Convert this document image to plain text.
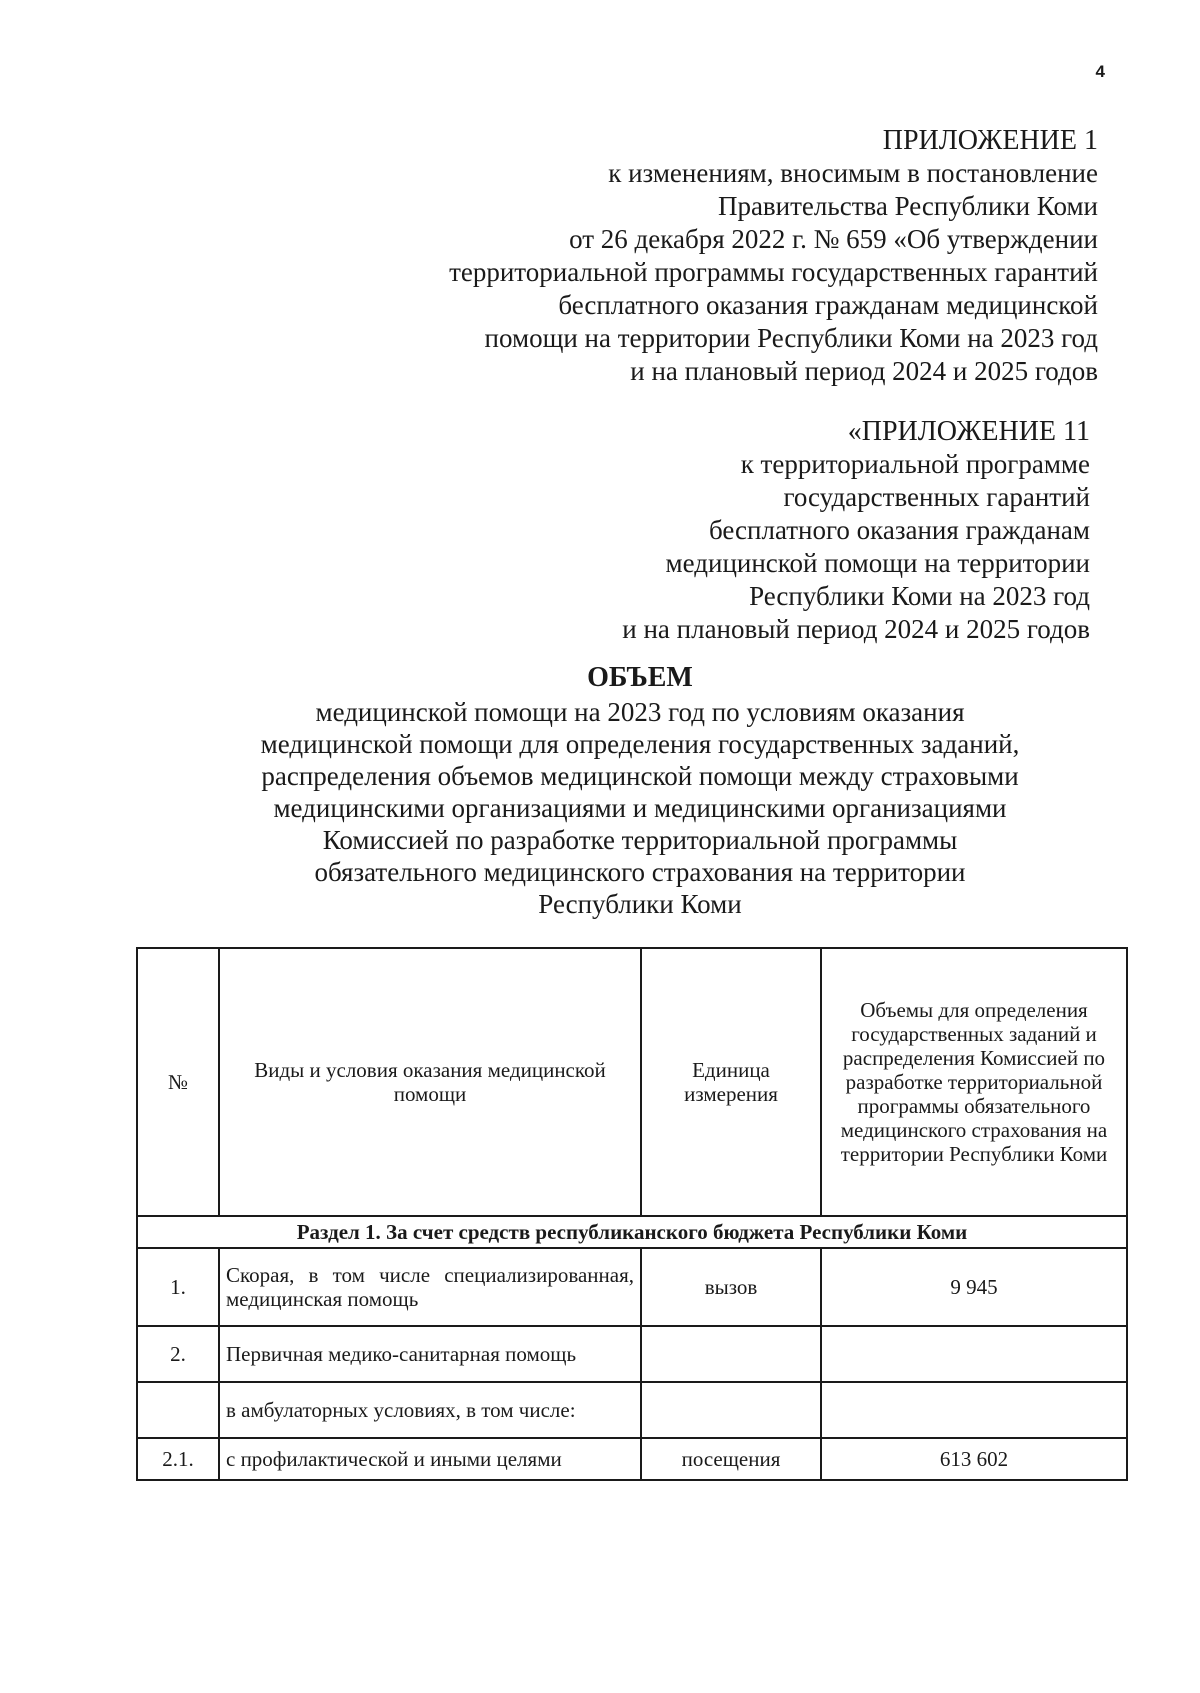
4
ПРИЛОЖЕНИЕ 1
к изменениям, вносимым в постановление
Правительства Республики Коми
от 26 декабря 2022 г. № 659 «Об утверждении
территориальной программы государственных гарантий
бесплатного оказания гражданам медицинской
помощи на территории Республики Коми на 2023 год
и на плановый период 2024 и 2025 годов
«ПРИЛОЖЕНИЕ 11
к территориальной программе
государственных гарантий
бесплатного оказания гражданам
медицинской помощи на территории
Республики Коми на 2023 год
и на плановый период 2024 и 2025 годов
ОБЪЕМ
медицинской помощи на 2023 год по условиям оказания
медицинской помощи для определения государственных заданий,
распределения объемов медицинской помощи между страховыми
медицинскими организациями и медицинскими организациями
Комиссией по разработке территориальной программы
обязательного медицинского страхования на территории
Республики Коми
№	Виды и условия оказания медицинской помощи	Единица измерения	Объемы для определения государственных заданий и распределения Комиссией по разработке территориальной программы обязательного медицинского страхования на территории Республики Коми
Раздел 1. За счет средств республиканского бюджета Республики Коми			
1.	Скорая, в том числе специализированная, медицинская помощь	вызов	9 945
2.	Первичная медико-санитарная помощь		
	в амбулаторных условиях, в том числе:		
2.1.	с профилактической и иными целями	посещения	613 602
